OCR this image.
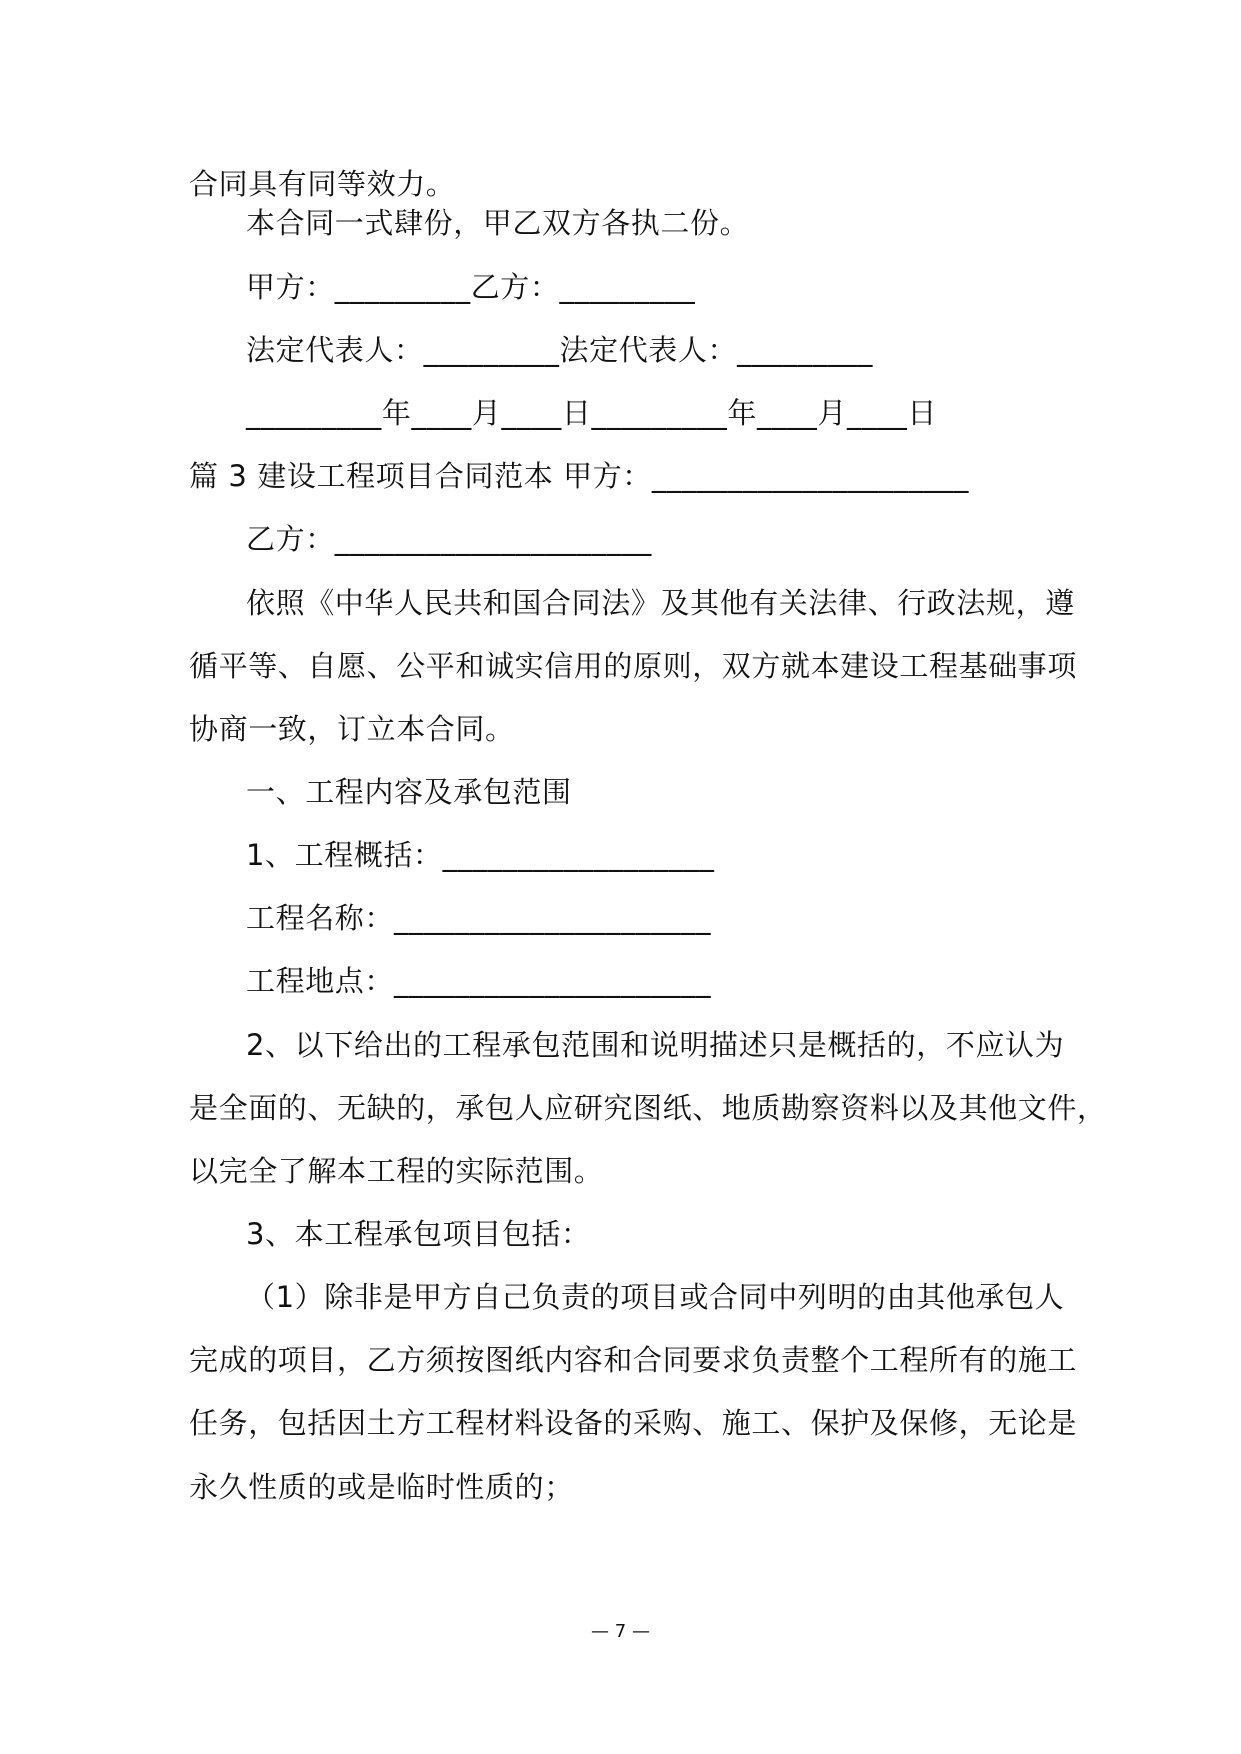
合同具有同等效力。
本合同一式肆份，甲乙双方各执二份。
甲方：_________乙方：_________
法定代表人：_________法定代表人：_________
_________年____月____日_________年____月____日
篇 3 建设工程项目合同范本 甲方：_____________________
乙方：_____________________
依照《中华人民共和国合同法》及其他有关法律、行政法规，遵
循平等、自愿、公平和诚实信用的原则，双方就本建设工程基础事项
协商一致，订立本合同。
一、工程内容及承包范围
1、工程概括：__________________
工程名称：_____________________
工程地点：_____________________
2、以下给出的工程承包范围和说明描述只是概括的，不应认为
是全面的、无缺的，承包人应研究图纸、地质勘察资料以及其他文件，
以完全了解本工程的实际范围。
3、本工程承包项目包括：
（1）除非是甲方自己负责的项目或合同中列明的由其他承包人
完成的项目，乙方须按图纸内容和合同要求负责整个工程所有的施工
任务，包括因土方工程材料设备的采购、施工、保护及保修，无论是
永久性质的或是临时性质的；
— 7 —
